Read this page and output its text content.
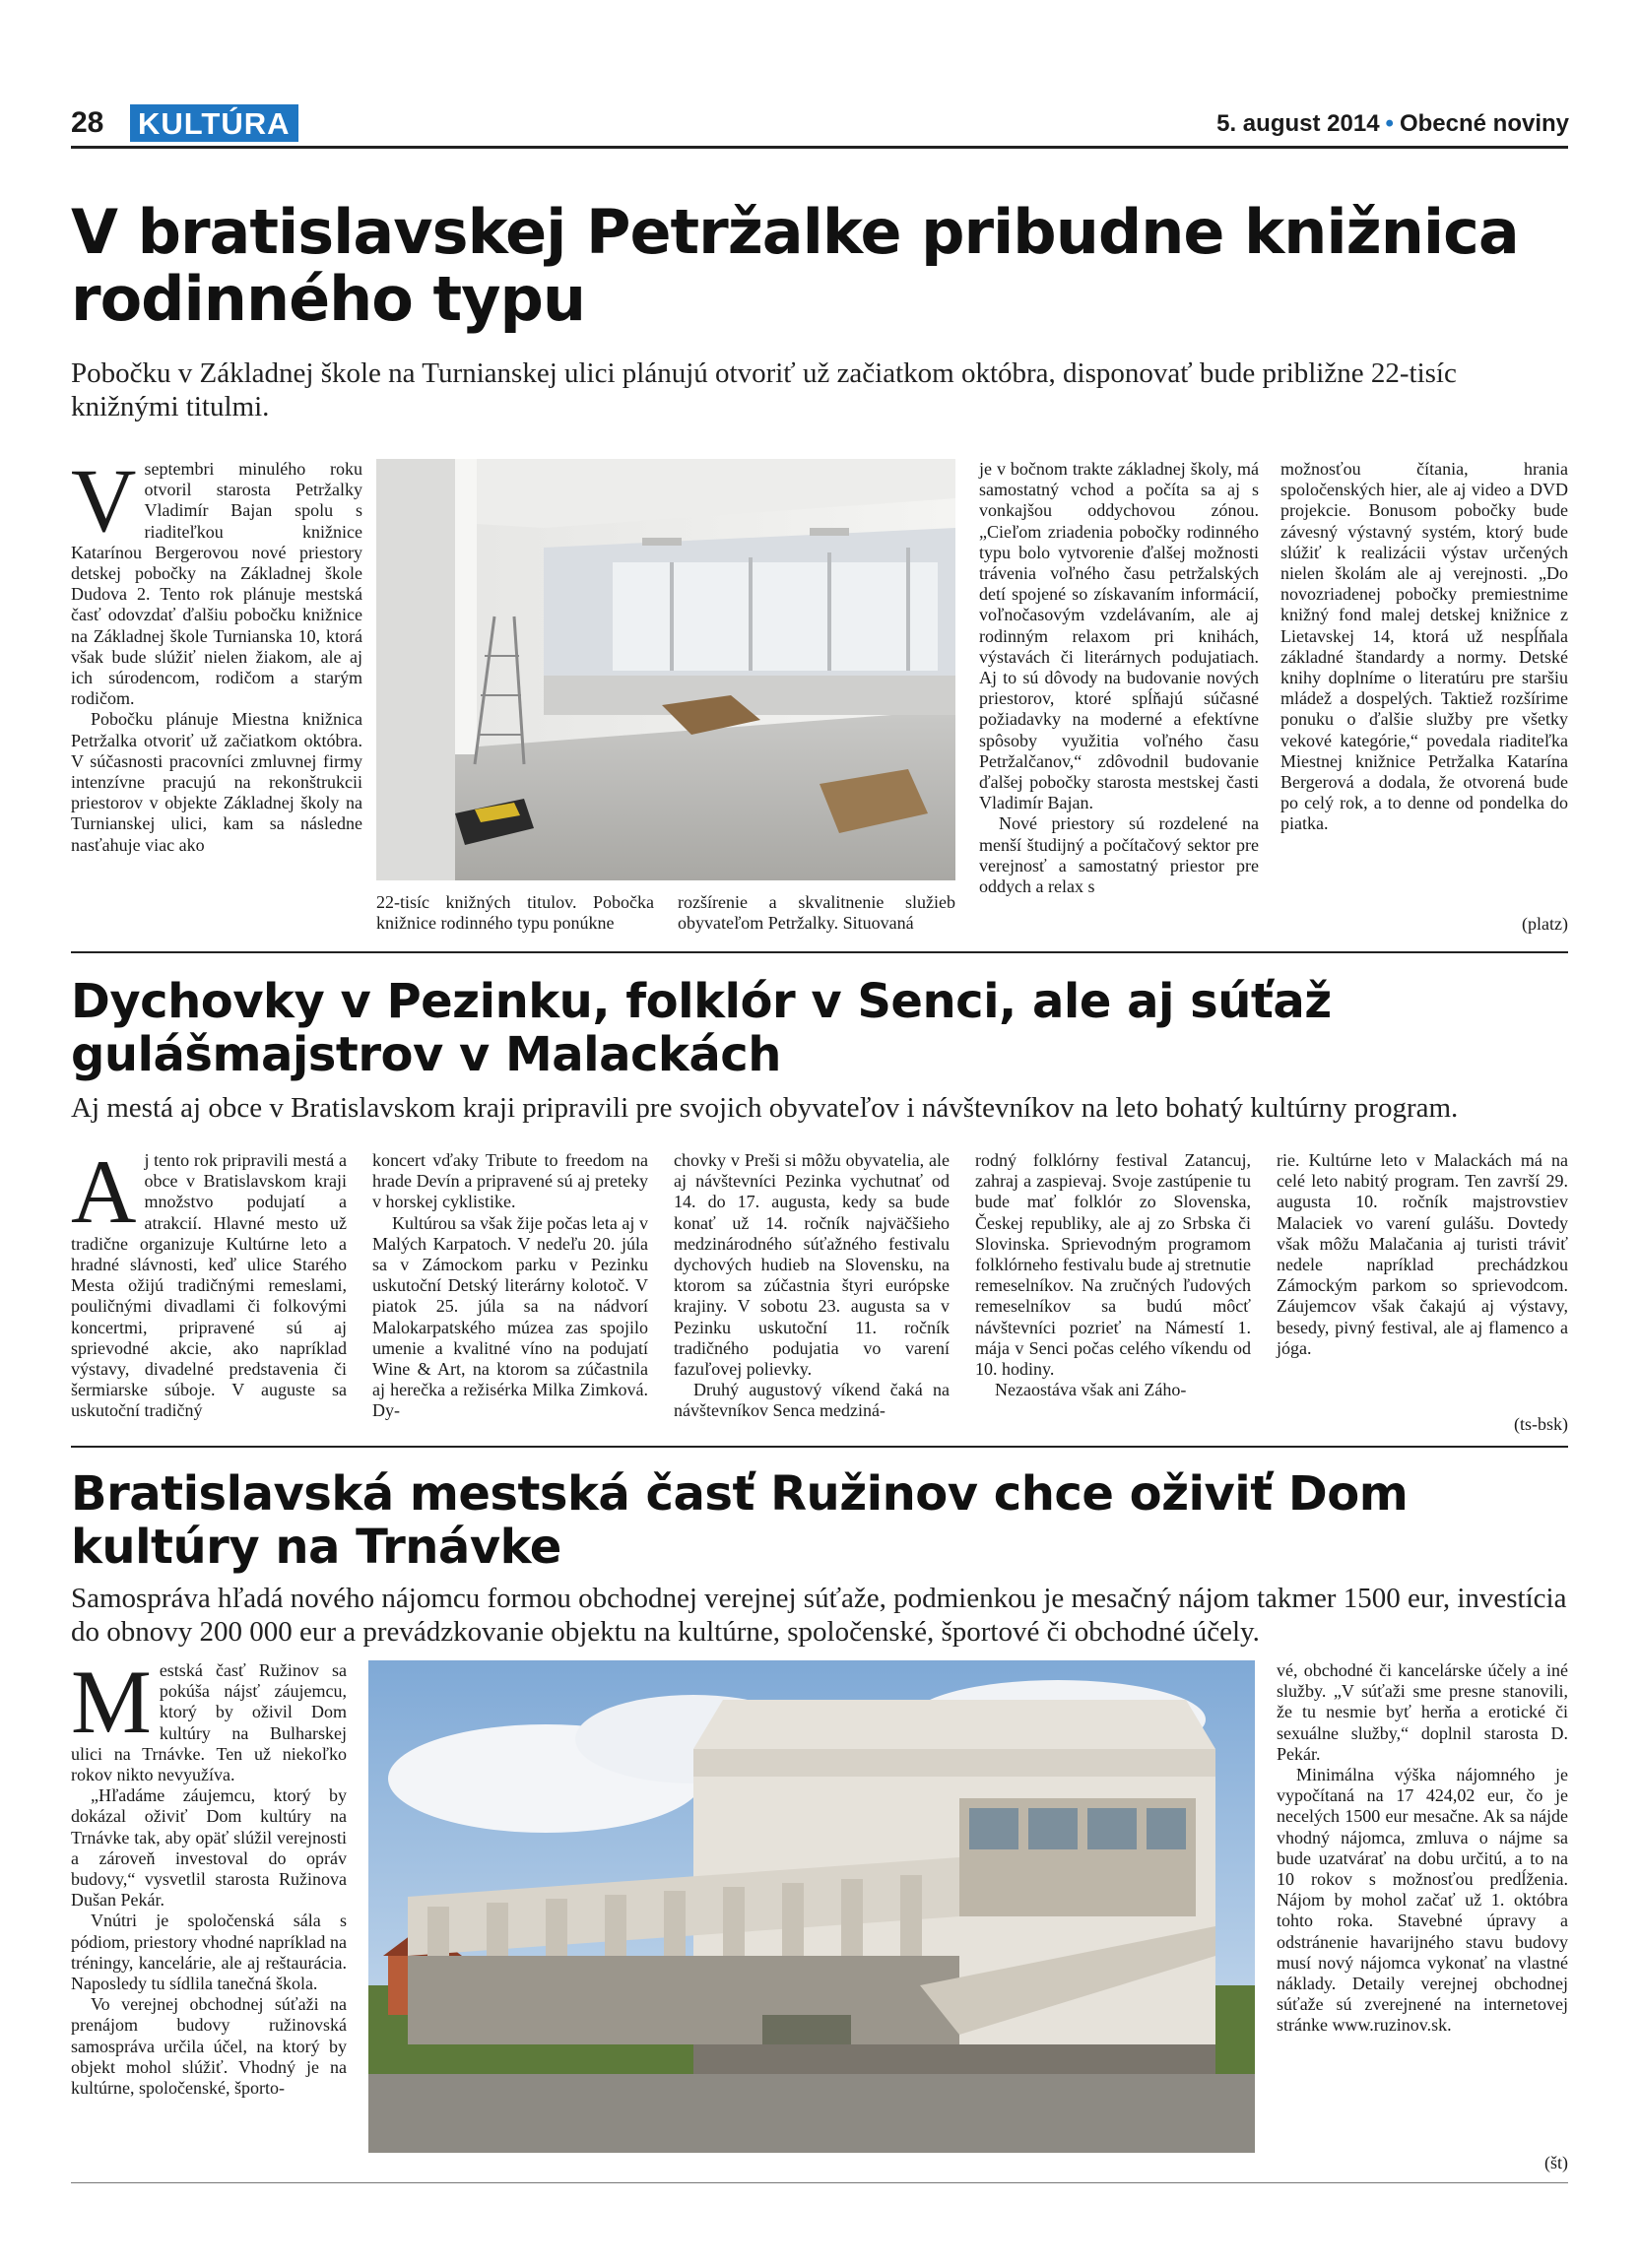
28 KULTÚRA	5. august 2014 • Obecné noviny
V bratislavskej Petržalke pribudne knižnica rodinného typu
Pobočku v Základnej škole na Turnianskej ulici plánujú otvoriť už začiatkom októbra, disponovať bude približne 22-tisíc knižnými titulmi.
V septembri minulého roku otvoril starosta Petržalky Vladimír Bajan spolu s riaditeľkou knižnice Katarínou Bergerovou nové priestory detskej pobočky na Základnej škole Dudova 2. Tento rok plánuje mestská časť odovzdať ďalšiu pobočku knižnice na Základnej škole Turnianska 10, ktorá však bude slúžiť nielen žiakom, ale aj ich súrodencom, rodičom a starým rodičom.

Pobočku plánuje Miestna knižnica Petržalka otvoriť už začiatkom októbra. V súčasnosti pracovníci zmluvnej firmy intenzívne pracujú na rekonštrukcii priestorov v objekte Základnej školy na Turnianskej ulici, kam sa následne nasťahuje viac ako

22-tisíc knižných titulov. Pobočka knižnice rodinného typu ponúkne
rozšírenie a skvalitnenie služieb obyvateľom Petržalky. Situovaná

je v bočnom trakte základnej školy, má samostatný vchod a počíta sa aj s vonkajšou oddychovou zónou. „Cieľom zriadenia pobočky rodinného typu bolo vytvorenie ďalšej možnosti trávenia voľného času petržalských detí spojené so získavaním informácií, voľnočasovým vzdelávaním, ale aj rodinným relaxom pri knihách, výstavách či literárnych podujatiach. Aj to sú dôvody na budovanie nových priestorov, ktoré spĺňajú súčasné požiadavky na moderné a efektívne spôsoby využitia voľného času Petržalčanov,“ zdôvodnil budovanie ďalšej pobočky starosta mestskej časti Vladimír Bajan.

Nové priestory sú rozdelené na menší študijný a počítačový sektor pre verejnosť a samostatný priestor pre oddych a relax s

možnosťou čítania, hrania spoločenských hier, ale aj video a DVD projekcie. Bonusom pobočky bude závesný výstavný systém, ktorý bude slúžiť k realizácii výstav určených nielen školám ale aj verejnosti. „Do novozriadenej pobočky premiestnime knižný fond malej detskej knižnice z Lietavskej 14, ktorá už nespĺňala základné štandardy a normy. Detské knihy doplníme o literatúru pre staršiu mládež a dospelých. Taktiež rozšírime ponuku o ďalšie služby pre všetky vekové kategórie,“ povedala riaditeľka Miestnej knižnice Petržalka Katarína Bergerová a dodala, že otvorená bude po celý rok, a to denne od pondelka do piatka.

(platz)
Dychovky v Pezinku, folklór v Senci, ale aj súťaž gulášmajstrov v Malackách
Aj mestá aj obce v Bratislavskom kraji pripravili pre svojich obyvateľov i návštevníkov na leto bohatý kultúrny program.
A j tento rok pripravili mestá a obce v Bratislavskom kraji množstvo podujatí a atrakcií. Hlavné mesto už tradične organizuje Kultúrne leto a hradné slávnosti, keď ulice Starého Mesta ožijú tradičnými remeslami, pouličnými divadlami či folkovými koncertmi, pripravené sú aj sprievodné akcie, ako napríklad výstavy, divadelné predstavenia či šermiarske súboje. V auguste sa uskutoční tradičný

koncert vďaky Tribute to freedom na hrade Devín a pripravené sú aj preteky v horskej cyklistike.

Kultúrou sa však žije počas leta aj v Malých Karpatoch. V nedeľu 20. júla sa v Zámockom parku v Pezinku uskutoční Detský literárny kolotoč. V piatok 25. júla sa na nádvorí Malokarpatského múzea zas spojilo umenie a kvalitné víno na podujatí Wine & Art, na ktorom sa zúčastnila aj herečka a režisérka Milka Zimková. Dy-

chovky v Preši si môžu obyvatelia, ale aj návštevníci Pezinka vychutnať od 14. do 17. augusta, kedy sa bude konať už 14. ročník najväčšieho medzinárodného súťažného festivalu dychových hudieb na Slovensku, na ktorom sa zúčastnia štyri európske krajiny. V sobotu 23. augusta sa v Pezinku uskutoční 11. ročník tradičného podujatia vo varení fazuľovej polievky.

Druhý augustový víkend čaká na návštevníkov Senca medziná-

rodný folklórny festival Zatancuj, zahraj a zaspievaj. Svoje zastúpenie tu bude mať folklór zo Slovenska, Českej republiky, ale aj zo Srbska či Slovinska. Sprievodným programom folklórneho festivalu bude aj stretnutie remeselníkov. Na zručných ľudových remeselníkov sa budú môcť návštevníci pozrieť na Námestí 1. mája v Senci počas celého víkendu od 10. hodiny.

Nezaostáva však ani Záho-

rie. Kultúrne leto v Malackách má na celé leto nabitý program. Ten završí 29. augusta 10. ročník majstrovstiev Malaciek vo varení gulášu. Dovtedy však môžu Malačania aj turisti tráviť nedele napríklad prechádzkou Zámockým parkom so sprievodcom. Záujemcov však čakajú aj výstavy, besedy, pivný festival, ale aj flamenco a jóga.

(ts-bsk)
Bratislavská mestská časť Ružinov chce oživiť Dom kultúry na Trnávke
Samospráva hľadá nového nájomcu formou obchodnej verejnej súťaže, podmienkou je mesačný nájom takmer 1500 eur, investícia do obnovy 200 000 eur a prevádzkovanie objektu na kultúrne, spoločenské, športové či obchodné účely.
M estská časť Ružinov sa pokúša nájsť záujemcu, ktorý by oživil Dom kultúry na Bulharskej ulici na Trnávke. Ten už niekoľko rokov nikto nevyužíva.

„Hľadáme záujemcu, ktorý by dokázal oživiť Dom kultúry na Trnávke tak, aby opäť slúžil verejnosti a zároveň investoval do opráv budovy,“ vysvetlil starosta Ružinova Dušan Pekár.

Vnútri je spoločenská sála s pódiom, priestory vhodné napríklad na tréningy, kancelárie, ale aj reštaurácia. Naposledy tu sídlila tanečná škola.

Vo verejnej obchodnej súťaži na prenájom budovy ružinovská samospráva určila účel, na ktorý by objekt mohol slúžiť. Vhodný je na kultúrne, spoločenské, športo-

vé, obchodné či kancelárske účely a iné služby. „V súťaži sme presne stanovili, že tu nesmie byť herňa a erotické či sexuálne služby,“ doplnil starosta D. Pekár.

Minimálna výška nájomného je vypočítaná na 17 424,02 eur, čo je necelých 1500 eur mesačne. Ak sa nájde vhodný nájomca, zmluva o nájme sa bude uzatvárať na dobu určitú, a to na 10 rokov s možnosťou predĺženia. Nájom by mohol začať už 1. októbra tohto roka. Stavebné úpravy a odstránenie havarijného stavu budovy musí nový nájomca vykonať na vlastné náklady. Detaily verejnej obchodnej súťaže sú zverejnené na internetovej stránke www.ruzinov.sk.

(št)
